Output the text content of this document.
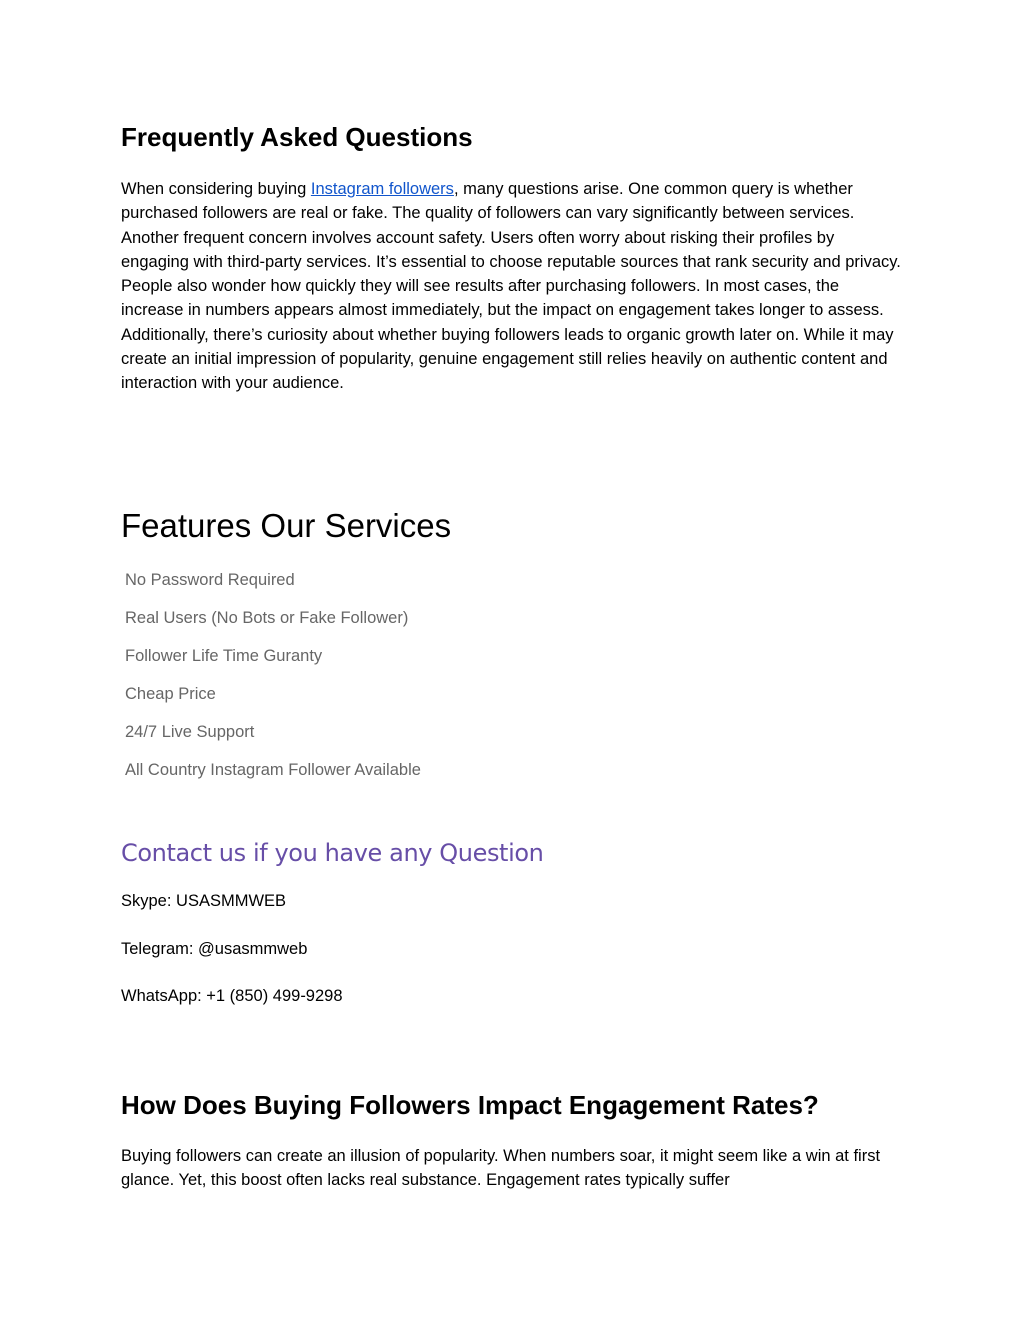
Frequently Asked Questions

When considering buying Instagram followers, many questions arise. One common query is whether purchased followers are real or fake. The quality of followers can vary significantly between services. Another frequent concern involves account safety. Users often worry about risking their profiles by engaging with third-party services. It’s essential to choose reputable sources that rank security and privacy. People also wonder how quickly they will see results after purchasing followers. In most cases, the increase in numbers appears almost immediately, but the impact on engagement takes longer to assess. Additionally, there’s curiosity about whether buying followers leads to organic growth later on. While it may create an initial impression of popularity, genuine engagement still relies heavily on authentic content and interaction with your audience.

Features Our Services
No Password Required
Real Users (No Bots or Fake Follower)
Follower Life Time Guranty
Cheap Price
24/7 Live Support
All Country Instagram Follower Available
Contact us if you have any Question

Skype: USASMMWEB

Telegram: @usasmmweb

WhatsApp: +1 (850) 499-9298

How Does Buying Followers Impact Engagement Rates?

Buying followers can create an illusion of popularity. When numbers soar, it might seem like a win at first glance. Yet, this boost often lacks real substance. Engagement rates typically suffer
